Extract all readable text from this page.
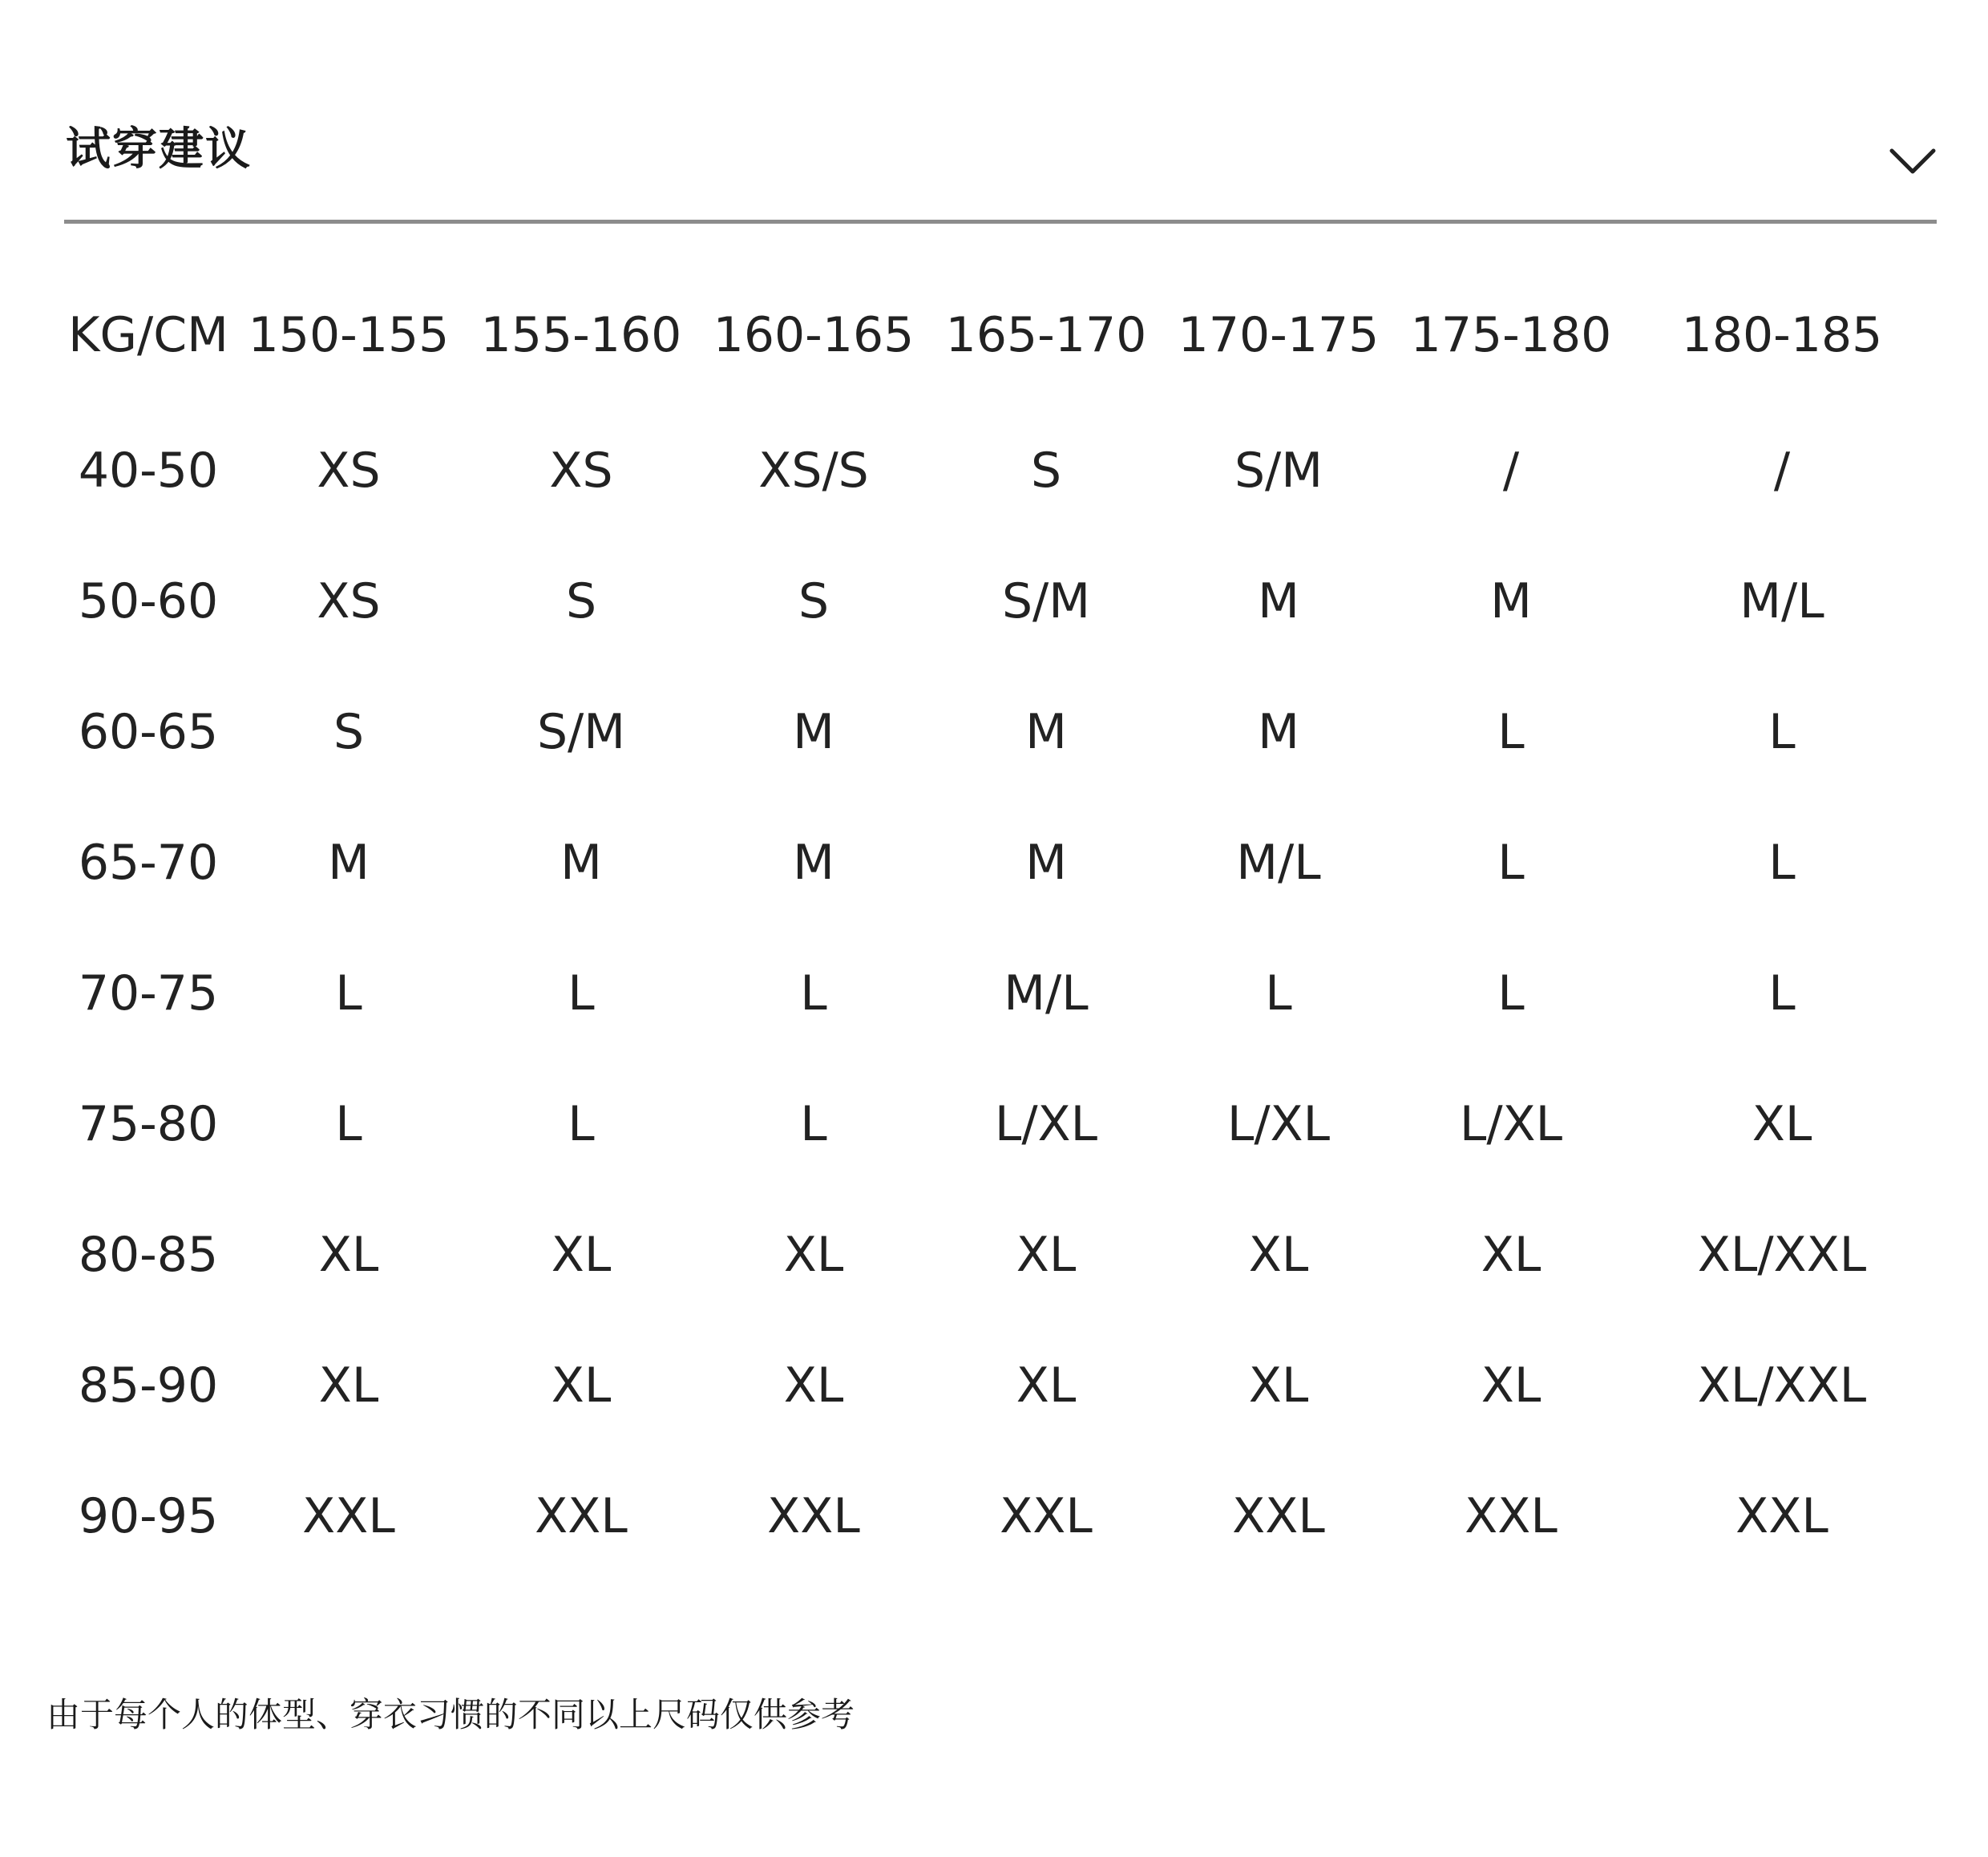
试穿建议
KG/CM	150-155	155-160	160-165	165-170	170-175	175-180	180-185
40-50	XS	XS	XS/S	S	S/M	/	/
50-60	XS	S	S	S/M	M	M	M/L
60-65	S	S/M	M	M	M	L	L
65-70	M	M	M	M	M/L	L	L
70-75	L	L	L	M/L	L	L	L
75-80	L	L	L	L/XL	L/XL	L/XL	XL
80-85	XL	XL	XL	XL	XL	XL	XL/XXL
85-90	XL	XL	XL	XL	XL	XL	XL/XXL
90-95	XXL	XXL	XXL	XXL	XXL	XXL	XXL
由于每个人的体型、穿衣习惯的不同以上尺码仅供参考
